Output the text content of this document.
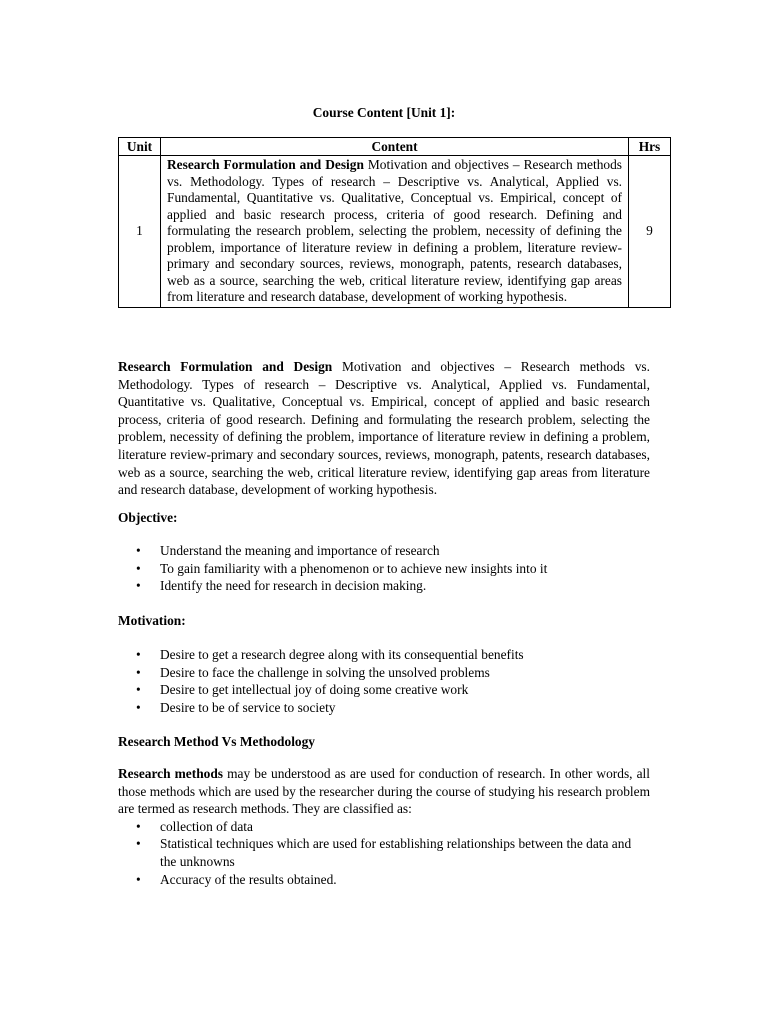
Course Content [Unit 1]:
Unit	Content	Hrs
1	Research Formulation and Design Motivation and objectives – Research methods vs. Methodology. Types of research – Descriptive vs. Analytical, Applied vs. Fundamental, Quantitative vs. Qualitative, Conceptual vs. Empirical, concept of applied and basic research process, criteria of good research. Defining and formulating the research problem, selecting the problem, necessity of defining the problem, importance of literature review in defining a problem, literature review-primary and secondary sources, reviews, monograph, patents, research databases, web as a source, searching the web, critical literature review, identifying gap areas from literature and research database, development of working hypothesis.	9

Research Formulation and Design Motivation and objectives – Research methods vs. Methodology. Types of research – Descriptive vs. Analytical, Applied vs. Fundamental, Quantitative vs. Qualitative, Conceptual vs. Empirical, concept of applied and basic research process, criteria of good research. Defining and formulating the research problem, selecting the problem, necessity of defining the problem, importance of literature review in defining a problem, literature review-primary and secondary sources, reviews, monograph, patents, research databases, web as a source, searching the web, critical literature review, identifying gap areas from literature and research database, development of working hypothesis.

Objective:
• Understand the meaning and importance of research
• To gain familiarity with a phenomenon or to achieve new insights into it
• Identify the need for research in decision making.
Motivation:
• Desire to get a research degree along with its consequential benefits
• Desire to face the challenge in solving the unsolved problems
• Desire to get intellectual joy of doing some creative work
• Desire to be of service to society
Research Method Vs Methodology

Research methods may be understood as are used for conduction of research. In other words, all those methods which are used by the researcher during the course of studying his research problem are termed as research methods. They are classified as:

• collection of data
• Statistical techniques which are used for establishing relationships between the data and the unknowns
• Accuracy of the results obtained.
